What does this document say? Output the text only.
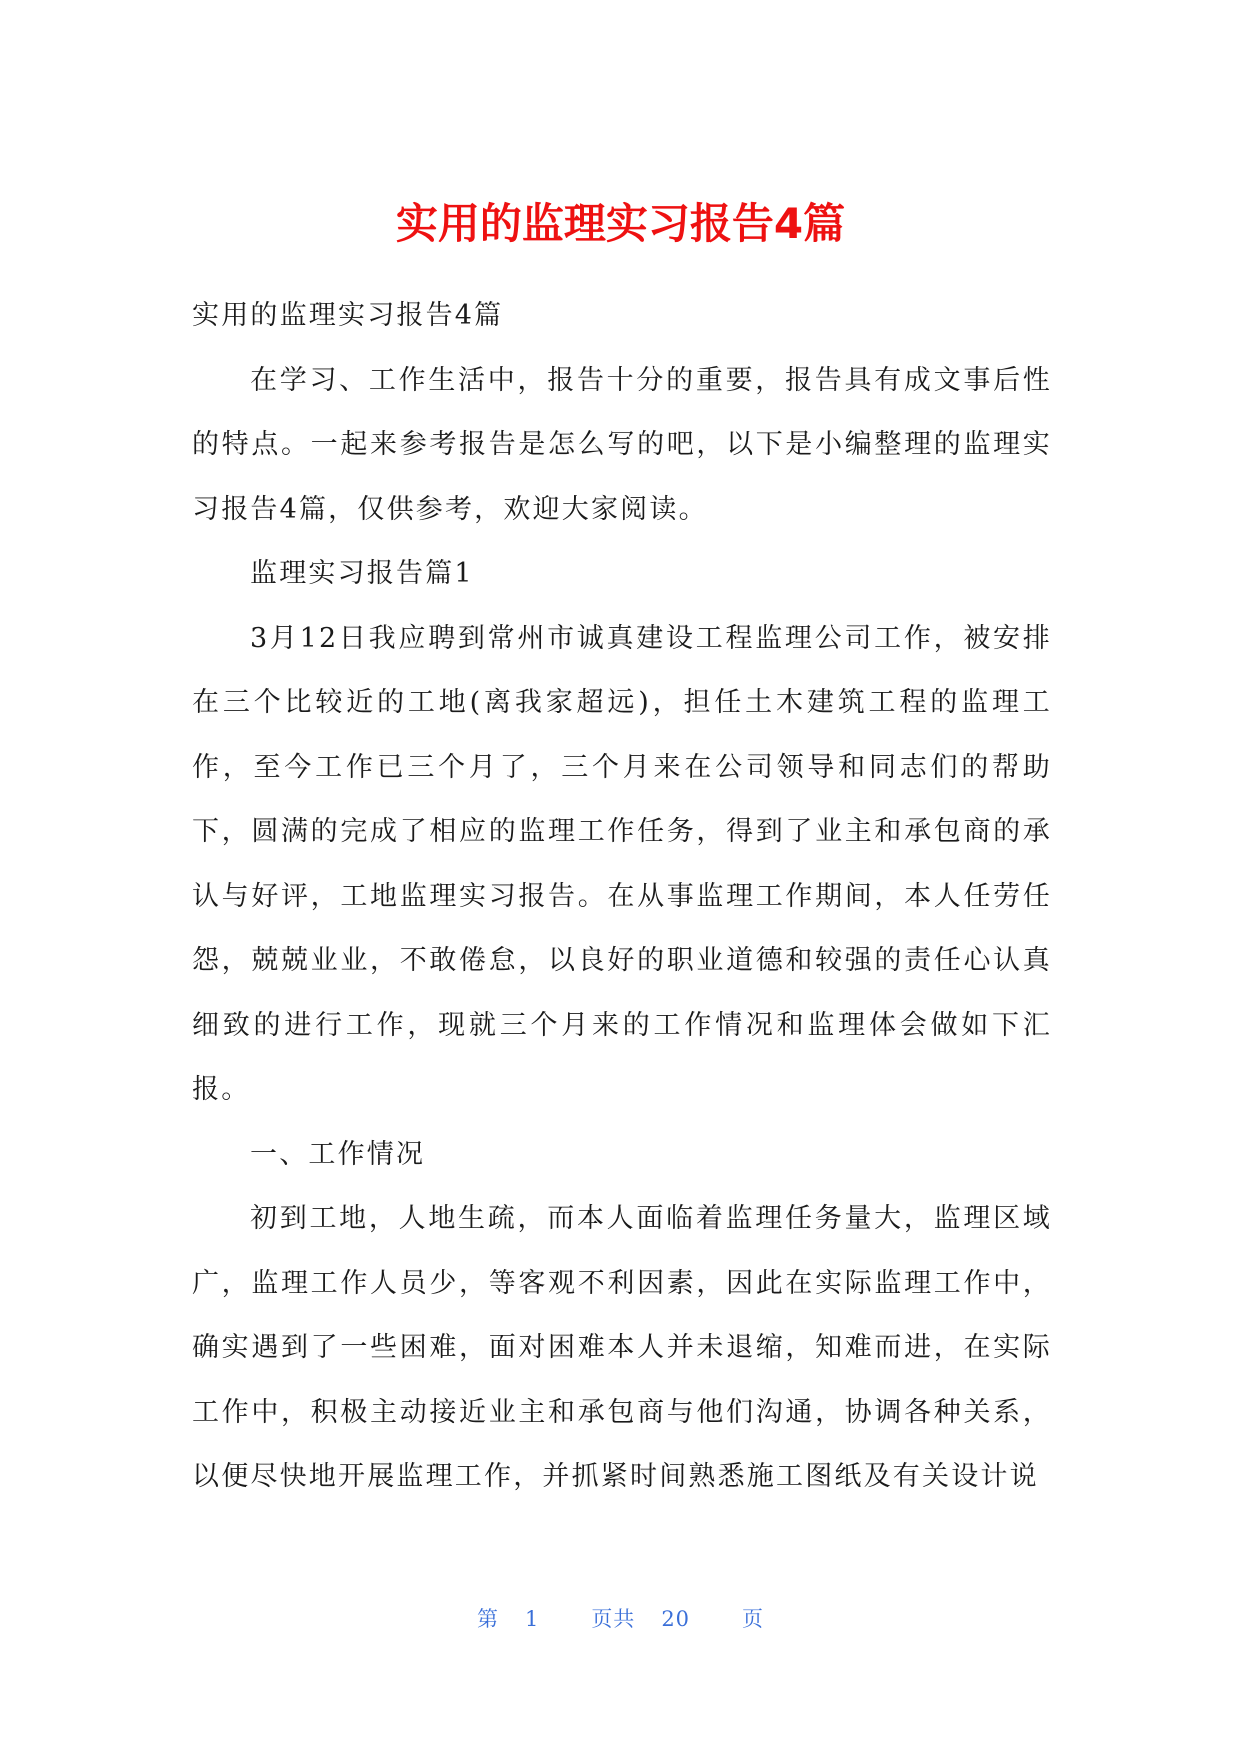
实用的监理实习报告4篇

实用的监理实习报告4篇

在学习、工作生活中，报告十分的重要，报告具有成文事后性的特点。一起来参考报告是怎么写的吧，以下是小编整理的监理实习报告4篇，仅供参考，欢迎大家阅读。

监理实习报告篇1

3月12日我应聘到常州市诚真建设工程监理公司工作，被安排在三个比较近的工地(离我家超远)，担任土木建筑工程的监理工作，至今工作已三个月了，三个月来在公司领导和同志们的帮助下，圆满的完成了相应的监理工作任务，得到了业主和承包商的承认与好评，工地监理实习报告。在从事监理工作期间，本人任劳任怨，兢兢业业，不敢倦怠，以良好的职业道德和较强的责任心认真细致的进行工作，现就三个月来的工作情况和监理体会做如下汇报。

一、工作情况

初到工地，人地生疏，而本人面临着监理任务量大，监理区域广，监理工作人员少，等客观不利因素，因此在实际监理工作中，确实遇到了一些困难，面对困难本人并未退缩，知难而进，在实际工作中，积极主动接近业主和承包商与他们沟通，协调各种关系，以便尽快地开展监理工作，并抓紧时间熟悉施工图纸及有关设计说

第 1 页共 20 页
